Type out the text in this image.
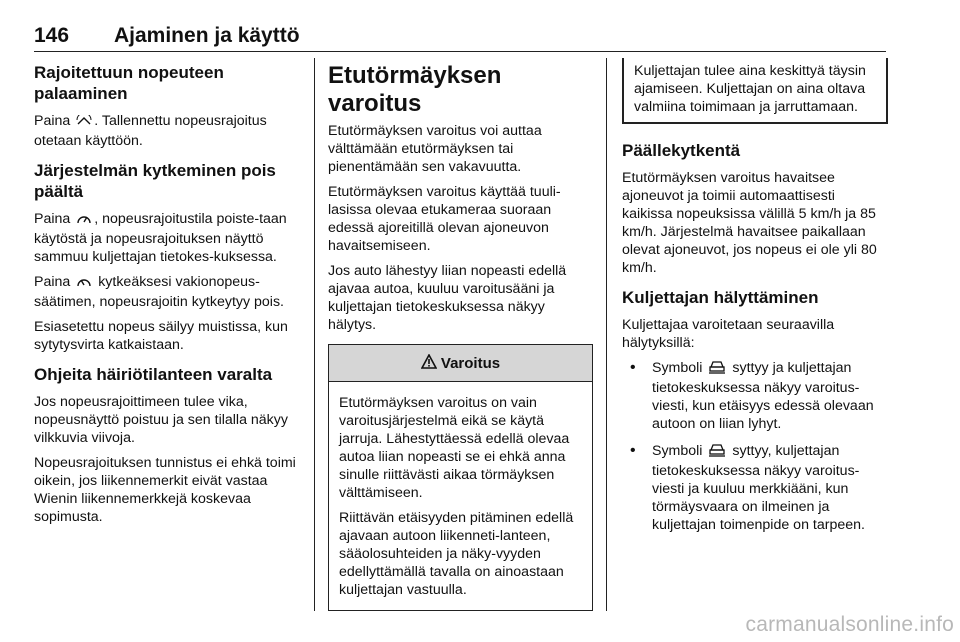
146 Ajaminen ja käyttö
Rajoitettuun nopeuteen palaaminen

Paina . Tallennettu nopeusrajoitus otetaan käyttöön.

Järjestelmän kytkeminen pois päältä

Paina , nopeusrajoitustila poiste-taan käytöstä ja nopeusrajoituksen näyttö sammuu kuljettajan tietokes-kuksessa.

Paina kytkeäksesi vakionopeus-säätimen, nopeusrajoitin kytkeytyy pois.

Esiasetettu nopeus säilyy muistissa, kun sytytysvirta katkaistaan.

Ohjeita häiriötilanteen varalta

Jos nopeusrajoittimeen tulee vika, nopeusnäyttö poistuu ja sen tilalla näkyy vilkkuvia viivoja.

Nopeusrajoituksen tunnistus ei ehkä toimi oikein, jos liikennemerkit eivät vastaa Wienin liikennemerkkejä koskevaa sopimusta.

Etutörmäyksen varoitus

Etutörmäyksen varoitus voi auttaa välttämään etutörmäyksen tai pienentämään sen vakavuutta.

Etutörmäyksen varoitus käyttää tuuli-lasissa olevaa etukameraa suoraan edessä ajoreitillä olevan ajoneuvon havaitsemiseen.

Jos auto lähestyy liian nopeasti edellä ajavaa autoa, kuuluu varoitusääni ja kuljettajan tietokeskuksessa näkyy hälytys.

Varoitus

Etutörmäyksen varoitus on vain varoitusjärjestelmä eikä se käytä jarruja. Lähestyttäessä edellä olevaa autoa liian nopeasti se ei ehkä anna sinulle riittävästi aikaa törmäyksen välttämiseen.

Riittävän etäisyyden pitäminen edellä ajavaan autoon liikenneti-lanteen, sääolosuhteiden ja näky-vyyden edellyttämällä tavalla on ainoastaan kuljettajan vastuulla.

Kuljettajan tulee aina keskittyä täysin ajamiseen. Kuljettajan on aina oltava valmiina toimimaan ja jarruttamaan.

Päällekytkentä

Etutörmäyksen varoitus havaitsee ajoneuvot ja toimii automaattisesti kaikissa nopeuksissa välillä 5 km/h ja 85 km/h. Järjestelmä havaitsee paikallaan olevat ajoneuvot, jos nopeus ei ole yli 80 km/h.

Kuljettajan hälyttäminen

Kuljettajaa varoitetaan seuraavilla hälytyksillä:

• Symboli syttyy ja kuljettajan tietokeskuksessa näkyy varoitus-viesti, kun etäisyys edessä olevaan autoon on liian lyhyt.
• Symboli syttyy, kuljettajan tietokeskuksessa näkyy varoitus-viesti ja kuuluu merkkiääni, kun törmäysvaara on ilmeinen ja kuljettajan toimenpide on tarpeen.
carmanualsonline.info
